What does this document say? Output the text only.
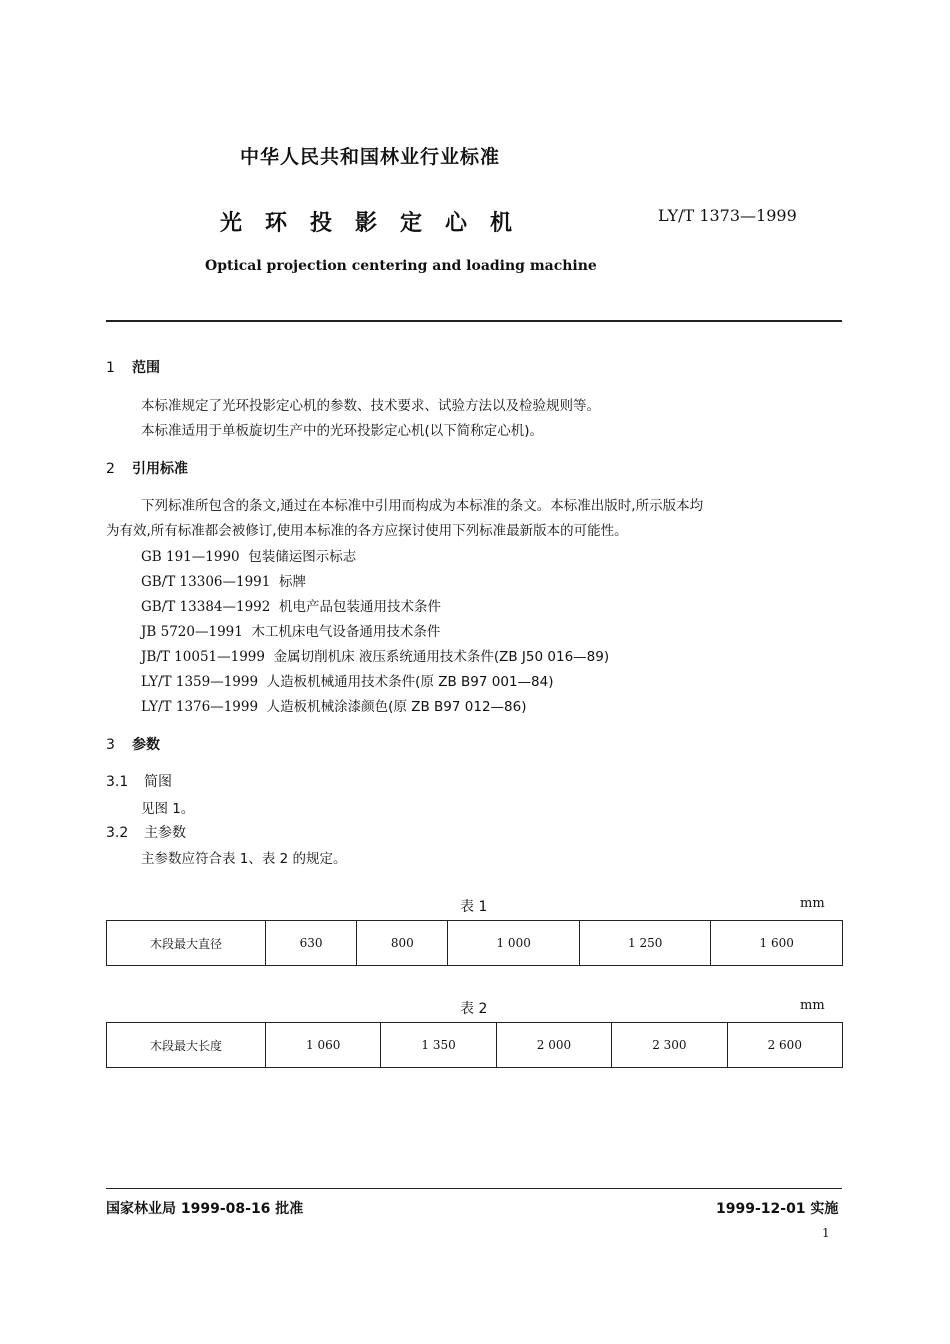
中华人民共和国林业行业标准
光环投影定心机	LY/T 1373—1999
Optical projection centering and loading machine
1 范围
本标准规定了光环投影定心机的参数、技术要求、试验方法以及检验规则等。
本标准适用于单板旋切生产中的光环投影定心机(以下简称定心机)。
2 引用标准
下列标准所包含的条文,通过在本标准中引用而构成为本标准的条文。本标准出版时,所示版本均
为有效,所有标准都会被修订,使用本标准的各方应探讨使用下列标准最新版本的可能性。
GB 191—1990 包装储运图示标志
GB/T 13306—1991 标牌
GB/T 13384—1992 机电产品包装通用技术条件
JB 5720—1991 木工机床电气设备通用技术条件
JB/T 10051—1999 金属切削机床 液压系统通用技术条件(ZB J50 016—89)
LY/T 1359—1999 人造板机械通用技术条件(原 ZB B97 001—84)
LY/T 1376—1999 人造板机械涂漆颜色(原 ZB B97 012—86)
3 参数
3.1 简图
见图 1。
3.2 主参数
主参数应符合表 1、表 2 的规定。
表 1	mm
木段最大直径	630	800	1 000	1 250	1 600
表 2	mm
木段最大长度	1 060	1 350	2 000	2 300	2 600
国家林业局 1999-08-16 批准	1999-12-01 实施
1
